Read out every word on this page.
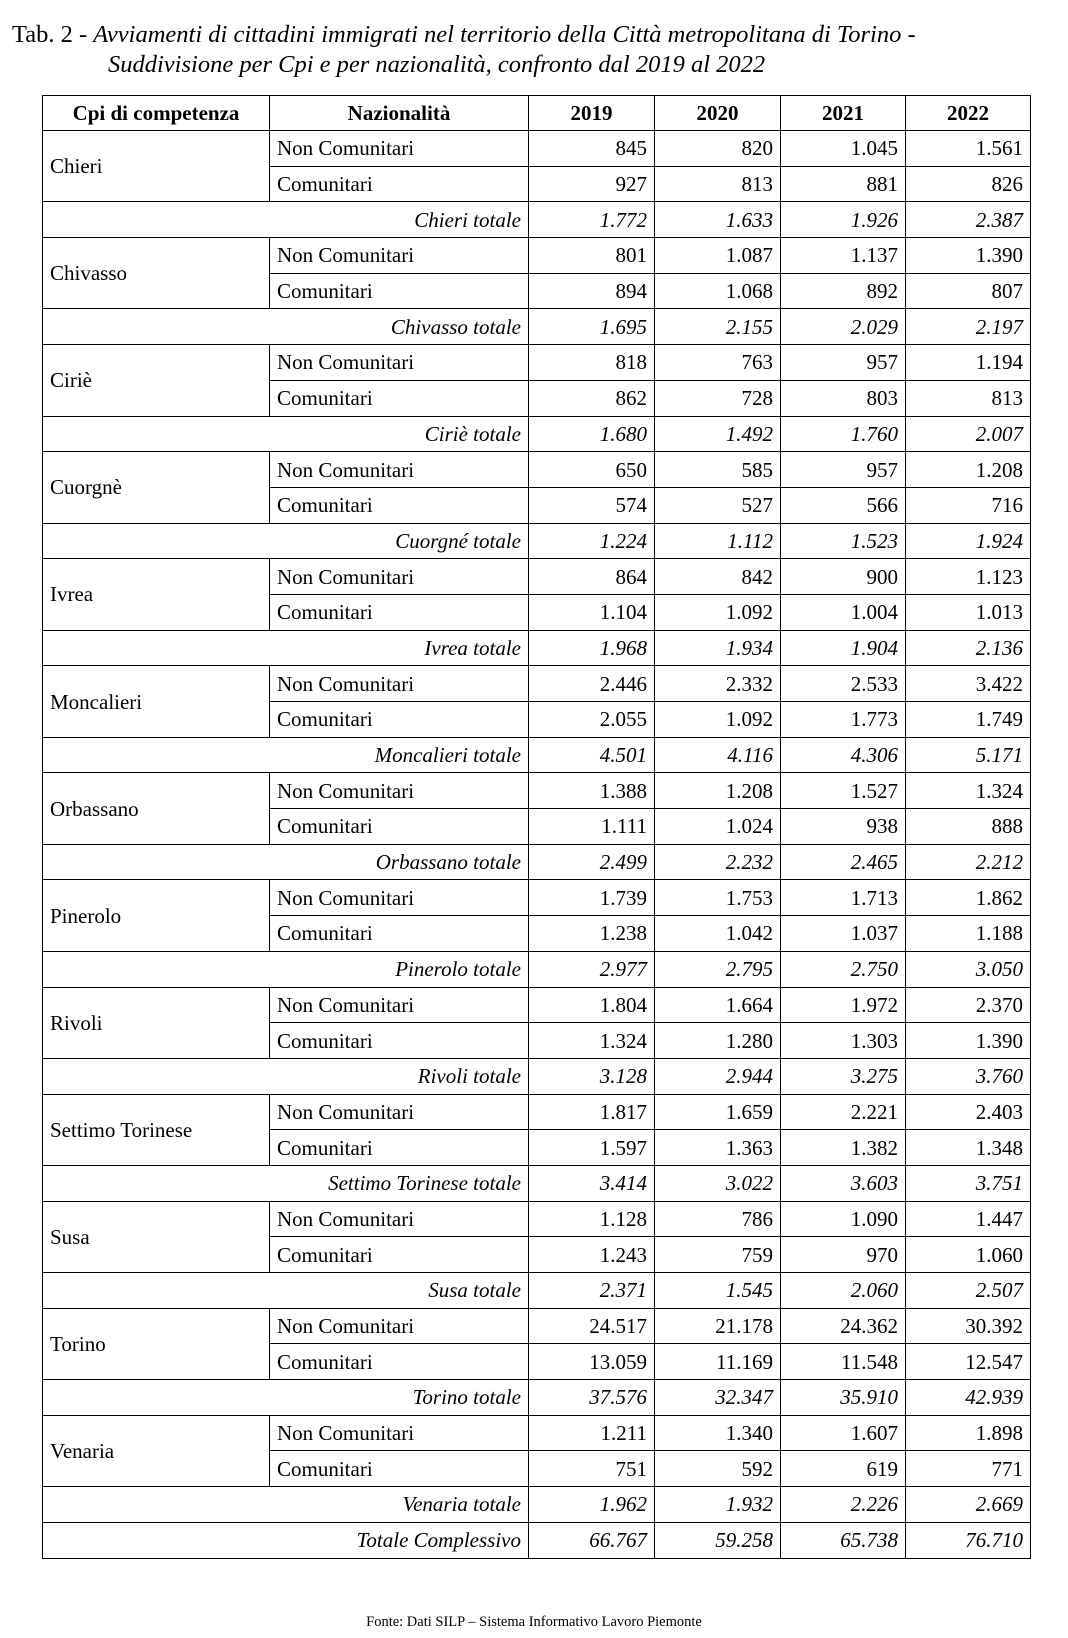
Tab. 2 - Avviamenti di cittadini immigrati nel territorio della Città metropolitana di Torino -
Suddivisione per Cpi e per nazionalità, confronto dal 2019 al 2022
Cpi di competenza	Nazionalità	2019	2020	2021	2022
Chieri	Non Comunitari	845	820	1.045	1.561
	Comunitari	927	813	881	826
Chieri totale		1.772	1.633	1.926	2.387
Chivasso	Non Comunitari	801	1.087	1.137	1.390
	Comunitari	894	1.068	892	807
Chivasso totale		1.695	2.155	2.029	2.197
Ciriè	Non Comunitari	818	763	957	1.194
	Comunitari	862	728	803	813
Ciriè totale		1.680	1.492	1.760	2.007
Cuorgnè	Non Comunitari	650	585	957	1.208
	Comunitari	574	527	566	716
Cuorgné totale		1.224	1.112	1.523	1.924
Ivrea	Non Comunitari	864	842	900	1.123
	Comunitari	1.104	1.092	1.004	1.013
Ivrea totale		1.968	1.934	1.904	2.136
Moncalieri	Non Comunitari	2.446	2.332	2.533	3.422
	Comunitari	2.055	1.092	1.773	1.749
Moncalieri totale		4.501	4.116	4.306	5.171
Orbassano	Non Comunitari	1.388	1.208	1.527	1.324
	Comunitari	1.111	1.024	938	888
Orbassano totale		2.499	2.232	2.465	2.212
Pinerolo	Non Comunitari	1.739	1.753	1.713	1.862
	Comunitari	1.238	1.042	1.037	1.188
Pinerolo totale		2.977	2.795	2.750	3.050
Rivoli	Non Comunitari	1.804	1.664	1.972	2.370
	Comunitari	1.324	1.280	1.303	1.390
Rivoli totale		3.128	2.944	3.275	3.760
Settimo Torinese	Non Comunitari	1.817	1.659	2.221	2.403
	Comunitari	1.597	1.363	1.382	1.348
Settimo Torinese totale		3.414	3.022	3.603	3.751
Susa	Non Comunitari	1.128	786	1.090	1.447
	Comunitari	1.243	759	970	1.060
Susa totale		2.371	1.545	2.060	2.507
Torino	Non Comunitari	24.517	21.178	24.362	30.392
	Comunitari	13.059	11.169	11.548	12.547
Torino totale		37.576	32.347	35.910	42.939
Venaria	Non Comunitari	1.211	1.340	1.607	1.898
	Comunitari	751	592	619	771
Venaria totale		1.962	1.932	2.226	2.669
Totale Complessivo		66.767	59.258	65.738	76.710
Fonte: Dati SILP – Sistema Informativo Lavoro Piemonte
